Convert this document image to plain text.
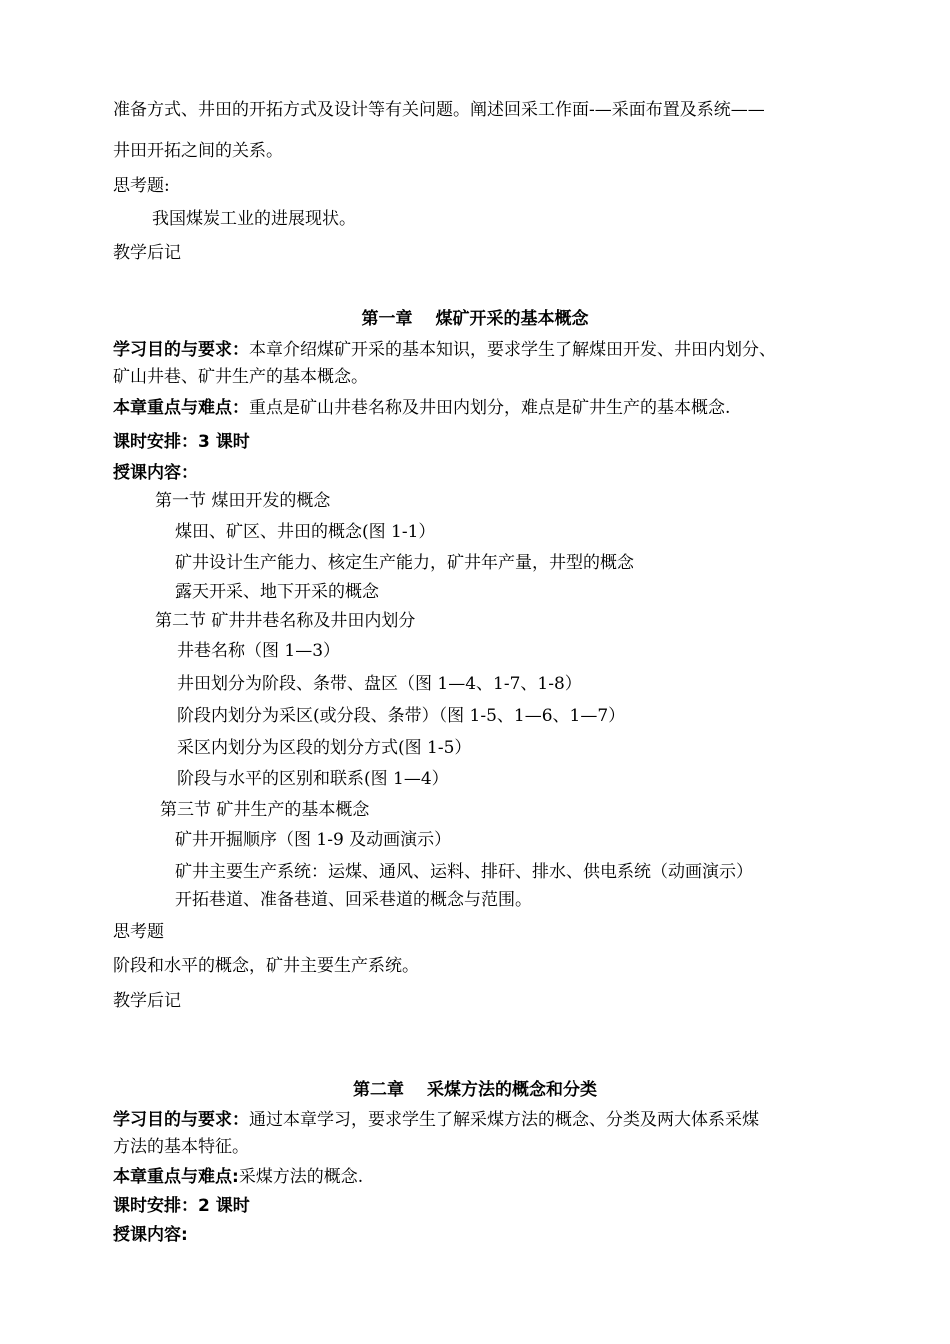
准备方式、井田的开拓方式及设计等有关问题。阐述回采工作面-—采面布置及系统——
井田开拓之间的关系。
思考题:
我国煤炭工业的进展现状。
教学后记
第一章　 煤矿开采的基本概念
学习目的与要求：本章介绍煤矿开采的基本知识，要求学生了解煤田开发、井田内划分、
矿山井巷、矿井生产的基本概念。
本章重点与难点：重点是矿山井巷名称及井田内划分，难点是矿井生产的基本概念.
课时安排：3 课时
授课内容：
第一节 煤田开发的概念
煤田、矿区、井田的概念(图 1-1）
矿井设计生产能力、核定生产能力，矿井年产量，井型的概念
露天开采、地下开采的概念
第二节 矿井井巷名称及井田内划分
井巷名称（图 1—3）
井田划分为阶段、条带、盘区（图 1—4、1-7、1-8）
阶段内划分为采区(或分段、条带）（图 1-5、1—6、1—7）
采区内划分为区段的划分方式(图 1-5）
阶段与水平的区别和联系(图 1—4）
第三节 矿井生产的基本概念
矿井开掘顺序（图 1-9 及动画演示）
矿井主要生产系统：运煤、通风、运料、排矸、排水、供电系统（动画演示）
开拓巷道、准备巷道、回采巷道的概念与范围。
思考题
阶段和水平的概念，矿井主要生产系统。
教学后记
第二章　 采煤方法的概念和分类
学习目的与要求：通过本章学习，要求学生了解采煤方法的概念、分类及两大体系采煤
方法的基本特征。
本章重点与难点:采煤方法的概念.
课时安排：2 课时
授课内容:
